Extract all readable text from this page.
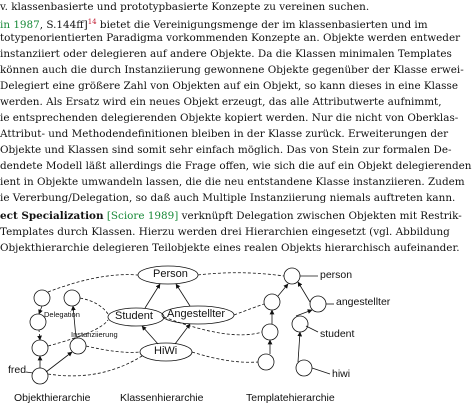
v. klassenbasierte und prototypbasierte Konzepte zu vereinen suchen.
in 1987, S.144ff]$^{14}$ bietet die Vereinigungsmenge der im klassenbasierten und im
totypenorientierten Paradigma vorkommenden Konzepte an. Objekte werden entweder
instanziiert oder delegieren auf andere Objekte. Da die Klassen minimalen Templates
können auch die durch Instanziierung gewonnene Objekte gegenüber der Klasse erwei-
Delegiert eine größere Zahl von Objekten auf ein Objekt, so kann dieses in eine Klasse
werden. Als Ersatz wird ein neues Objekt erzeugt, das alle Attributwerte aufnimmt,
ie entsprechenden delegierenden Objekte kopiert werden. Nur die nicht von Oberklas-
Attribut- und Methodendefinitionen bleiben in der Klasse zurück. Erweiterungen der
Objekte und Klassen sind somit sehr einfach möglich. Das von Stein zur formalen De-
dendete Modell läßt allerdings die Frage offen, wie sich die auf ein Objekt delegierenden
ient in Objekte umwandeln lassen, die die neu entstandene Klasse instanziieren. Zudem
ie Vererbung/Delegation, so daß auch Multiple Instanziierung niemals auftreten kann.
ect Specialization [Sciore 1989] verknüpft Delegation zwischen Objekten mit Restrik-
Templates durch Klassen. Hierzu werden drei Hierarchien eingesetzt (vgl. Abbildung
Objekthierarchie delegieren Teilobjekte eines realen Objekts hierarchisch aufeinander.
Person
Student Angestellter
HiWi
Delegation
Instanziierung
fred
person
angestellter
student
hiwi
Objekthierarchie	Klassenhierarchie	Templatehierarchie
